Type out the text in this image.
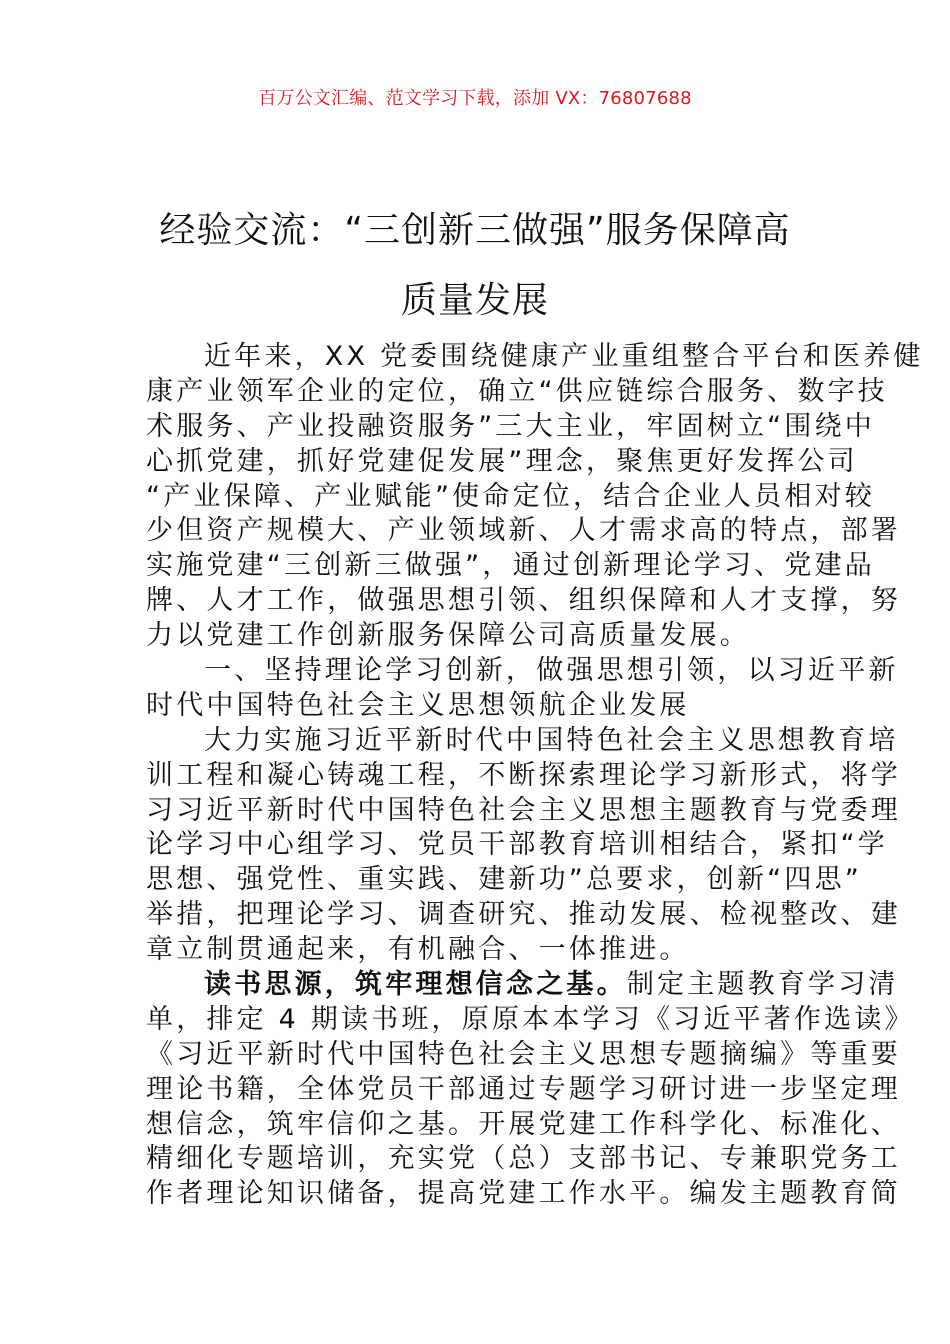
百万公文汇编、范文学习下载，添加 VX：76807688
经验交流：“三创新三做强”服务保障高
质量发展
近年来，XX 党委围绕健康产业重组整合平台和医养健
康产业领军企业的定位，确立“供应链综合服务、数字技
术服务、产业投融资服务”三大主业，牢固树立“围绕中
心抓党建，抓好党建促发展”理念，聚焦更好发挥公司
“产业保障、产业赋能”使命定位，结合企业人员相对较
少但资产规模大、产业领域新、人才需求高的特点，部署
实施党建“三创新三做强”，通过创新理论学习、党建品
牌、人才工作，做强思想引领、组织保障和人才支撑，努
力以党建工作创新服务保障公司高质量发展。
一、坚持理论学习创新，做强思想引领，以习近平新
时代中国特色社会主义思想领航企业发展
大力实施习近平新时代中国特色社会主义思想教育培
训工程和凝心铸魂工程，不断探索理论学习新形式，将学
习习近平新时代中国特色社会主义思想主题教育与党委理
论学习中心组学习、党员干部教育培训相结合，紧扣“学
思想、强党性、重实践、建新功”总要求，创新“四思”
举措，把理论学习、调查研究、推动发展、检视整改、建
章立制贯通起来，有机融合、一体推进。
读书思源，筑牢理想信念之基。制定主题教育学习清
单，排定 4 期读书班，原原本本学习《习近平著作选读》
《习近平新时代中国特色社会主义思想专题摘编》等重要
理论书籍，全体党员干部通过专题学习研讨进一步坚定理
想信念，筑牢信仰之基。开展党建工作科学化、标准化、
精细化专题培训，充实党（总）支部书记、专兼职党务工
作者理论知识储备，提高党建工作水平。编发主题教育简
